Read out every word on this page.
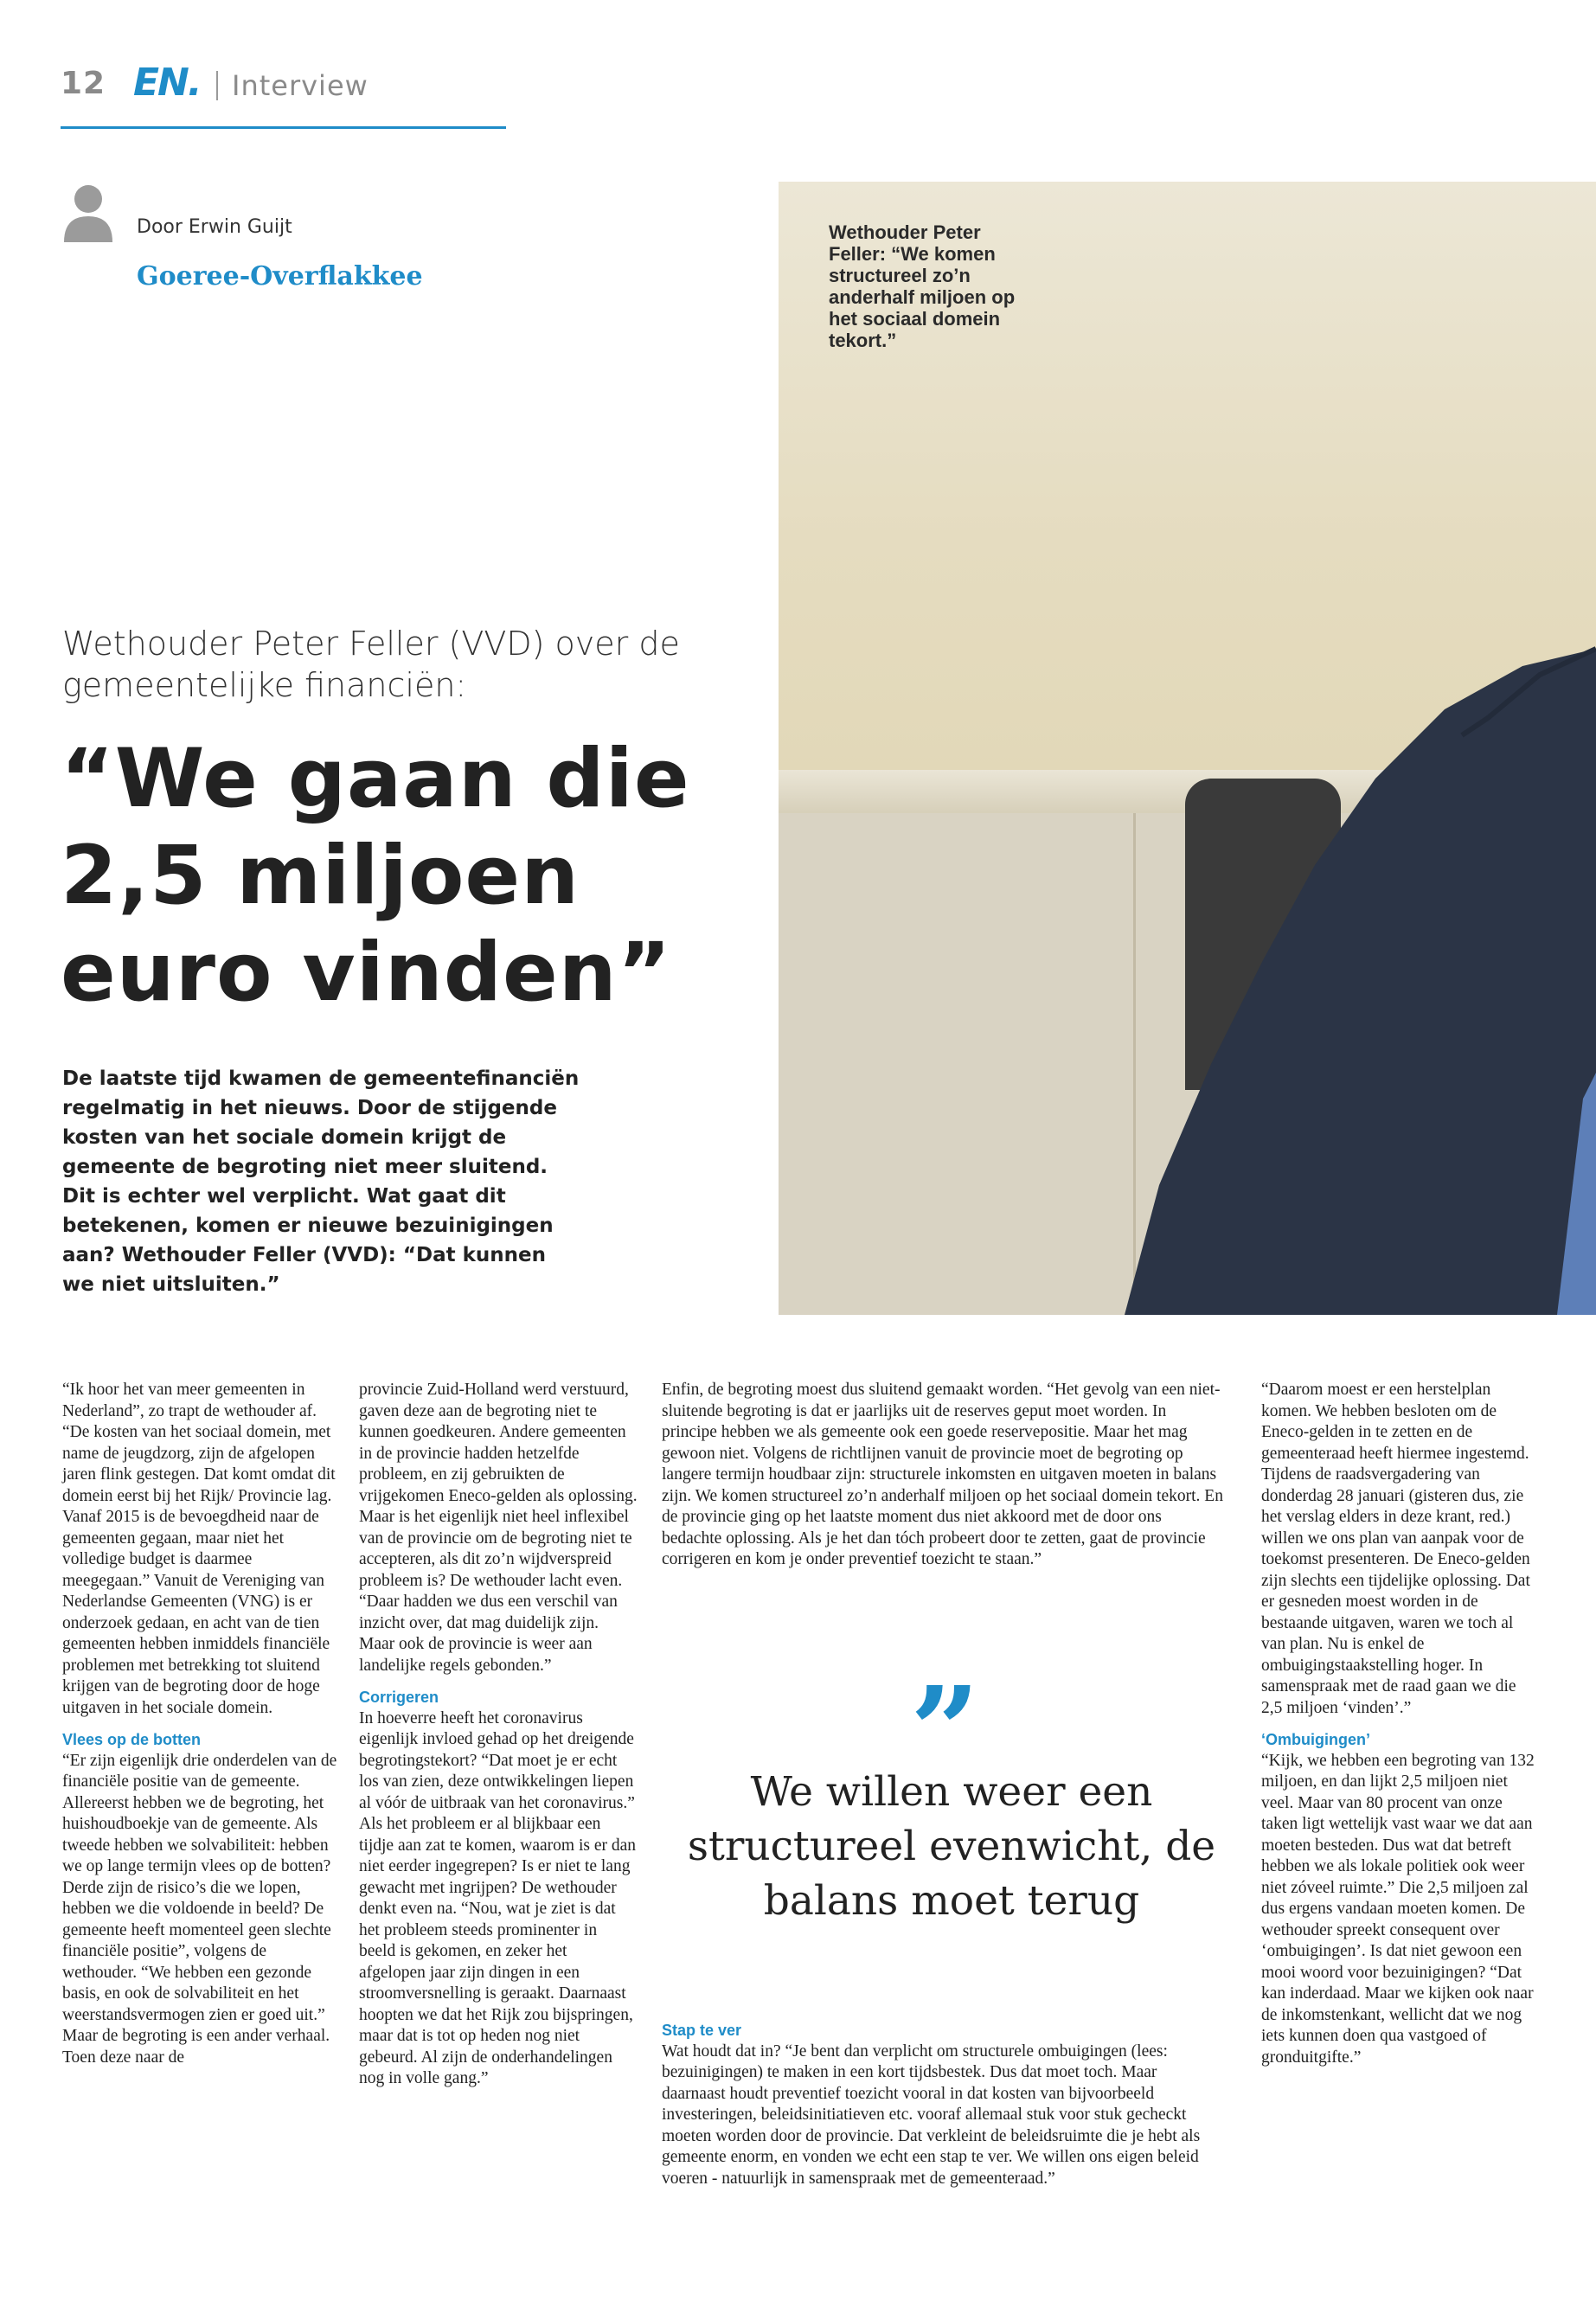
12 EN. Interview
Door Erwin Guijt
Goeree-Overflakkee
Wethouder Peter Feller: “We komen structureel zo’n anderhalf miljoen op het sociaal domein tekort.”
Wethouder Peter Feller (VVD) over de gemeentelijke financiën:
“We gaan die 2,5 miljoen euro vinden”
De laatste tijd kwamen de gemeentefinanciën regelmatig in het nieuws. Door de stijgende kosten van het sociale domein krijgt de gemeente de begroting niet meer sluitend. Dit is echter wel verplicht. Wat gaat dit betekenen, komen er nieuwe bezuinigingen aan? Wethouder Feller (VVD): “Dat kunnen we niet uitsluiten.”

“Ik hoor het van meer gemeenten in Nederland”, zo trapt de wethouder af. “De kosten van het sociaal domein, met name de jeugdzorg, zijn de afgelopen jaren flink gestegen. Dat komt omdat dit domein eerst bij het Rijk/ Provincie lag. Vanaf 2015 is de bevoegdheid naar de gemeenten gegaan, maar niet het volledige budget is daarmee meegegaan.” Vanuit de Vereniging van Nederlandse Gemeenten (VNG) is er onderzoek gedaan, en acht van de tien gemeenten hebben inmiddels financiële problemen met betrekking tot sluitend krijgen van de begroting door de hoge uitgaven in het sociale domein.

Vlees op de botten

“Er zijn eigenlijk drie onderdelen van de financiële positie van de gemeente. Allereerst hebben we de begroting, het huishoudboekje van de gemeente. Als tweede hebben we solvabiliteit: hebben we op lange termijn vlees op de botten? Derde zijn de risico’s die we lopen, hebben we die voldoende in beeld? De gemeente heeft momenteel geen slechte financiële positie”, volgens de wethouder. “We hebben een gezonde basis, en ook de solvabiliteit en het weerstandsvermogen zien er goed uit.”

Maar de begroting is een ander verhaal. Toen deze naar de

provincie Zuid-Holland werd verstuurd, gaven deze aan de begroting niet te kunnen goedkeuren. Andere gemeenten in de provincie hadden hetzelfde probleem, en zij gebruikten de vrijgekomen Eneco-gelden als oplossing. Maar is het eigenlijk niet heel inflexibel van de provincie om de begroting niet te accepteren, als dit zo’n wijdverspreid probleem is? De wethouder lacht even. “Daar hadden we dus een verschil van inzicht over, dat mag duidelijk zijn. Maar ook de provincie is weer aan landelijke regels gebonden.”

Corrigeren

In hoeverre heeft het coronavirus eigenlijk invloed gehad op het dreigende begrotingstekort? “Dat moet je er echt los van zien, deze ontwikkelingen liepen al vóór de uitbraak van het coronavirus.” Als het probleem er al blijkbaar een tijdje aan zat te komen, waarom is er dan niet eerder ingegrepen? Is er niet te lang gewacht met ingrijpen? De wethouder denkt even na. “Nou, wat je ziet is dat het probleem steeds prominenter in beeld is gekomen, en zeker het afgelopen jaar zijn dingen in een stroomversnelling is geraakt. Daarnaast hoopten we dat het Rijk zou bijspringen, maar dat is tot op heden nog niet gebeurd. Al zijn de onderhandelingen nog in volle gang.”

Enfin, de begroting moest dus sluitend gemaakt worden. “Het gevolg van een niet-sluitende begroting is dat er jaarlijks uit de reserves geput moet worden. In principe hebben we als gemeente ook een goede reservepositie. Maar het mag gewoon niet. Volgens de richtlijnen vanuit de provincie moet de begroting op langere termijn houdbaar zijn: structurele inkomsten en uitgaven moeten in balans zijn. We komen structureel zo’n anderhalf miljoen op het sociaal domein tekort. En de provincie ging op het laatste moment dus niet akkoord met de door ons bedachte oplossing. Als je het dan tóch probeert door te zetten, gaat de provincie corrigeren en kom je onder preventief toezicht te staan.”

”
We willen weer een structureel evenwicht, de balans moet terug

Stap te ver

Wat houdt dat in? “Je bent dan verplicht om structurele ombuigingen (lees: bezuinigingen) te maken in een kort tijdsbestek. Dus dat moet toch. Maar daarnaast houdt preventief toezicht vooral in dat kosten van bijvoorbeeld investeringen, beleidsinitiatieven etc. vooraf allemaal stuk voor stuk gecheckt moeten worden door de provincie. Dat verkleint de beleidsruimte die je hebt als gemeente enorm, en vonden we echt een stap te ver. We willen ons eigen beleid voeren - natuurlijk in samenspraak met de gemeenteraad.”

“Daarom moest er een herstelplan komen. We hebben besloten om de Eneco-gelden in te zetten en de gemeenteraad heeft hiermee ingestemd. Tijdens de raadsvergadering van donderdag 28 januari (gisteren dus, zie het verslag elders in deze krant, red.) willen we ons plan van aanpak voor de toekomst presenteren. De Eneco-gelden zijn slechts een tijdelijke oplossing. Dat er gesneden moest worden in de bestaande uitgaven, waren we toch al van plan. Nu is enkel de ombuigingstaakstelling hoger. In samenspraak met de raad gaan we die 2,5 miljoen ‘vinden’.”

‘Ombuigingen’

“Kijk, we hebben een begroting van 132 miljoen, en dan lijkt 2,5 miljoen niet veel. Maar van 80 procent van onze taken ligt wettelijk vast waar we dat aan moeten besteden. Dus wat dat betreft hebben we als lokale politiek ook weer niet zóveel ruimte.” Die 2,5 miljoen zal dus ergens vandaan moeten komen. De wethouder spreekt consequent over ‘ombuigingen’. Is dat niet gewoon een mooi woord voor bezuinigingen? “Dat kan inderdaad. Maar we kijken ook naar de inkomstenkant, wellicht dat we nog iets kunnen doen qua vastgoed of gronduitgifte.”
